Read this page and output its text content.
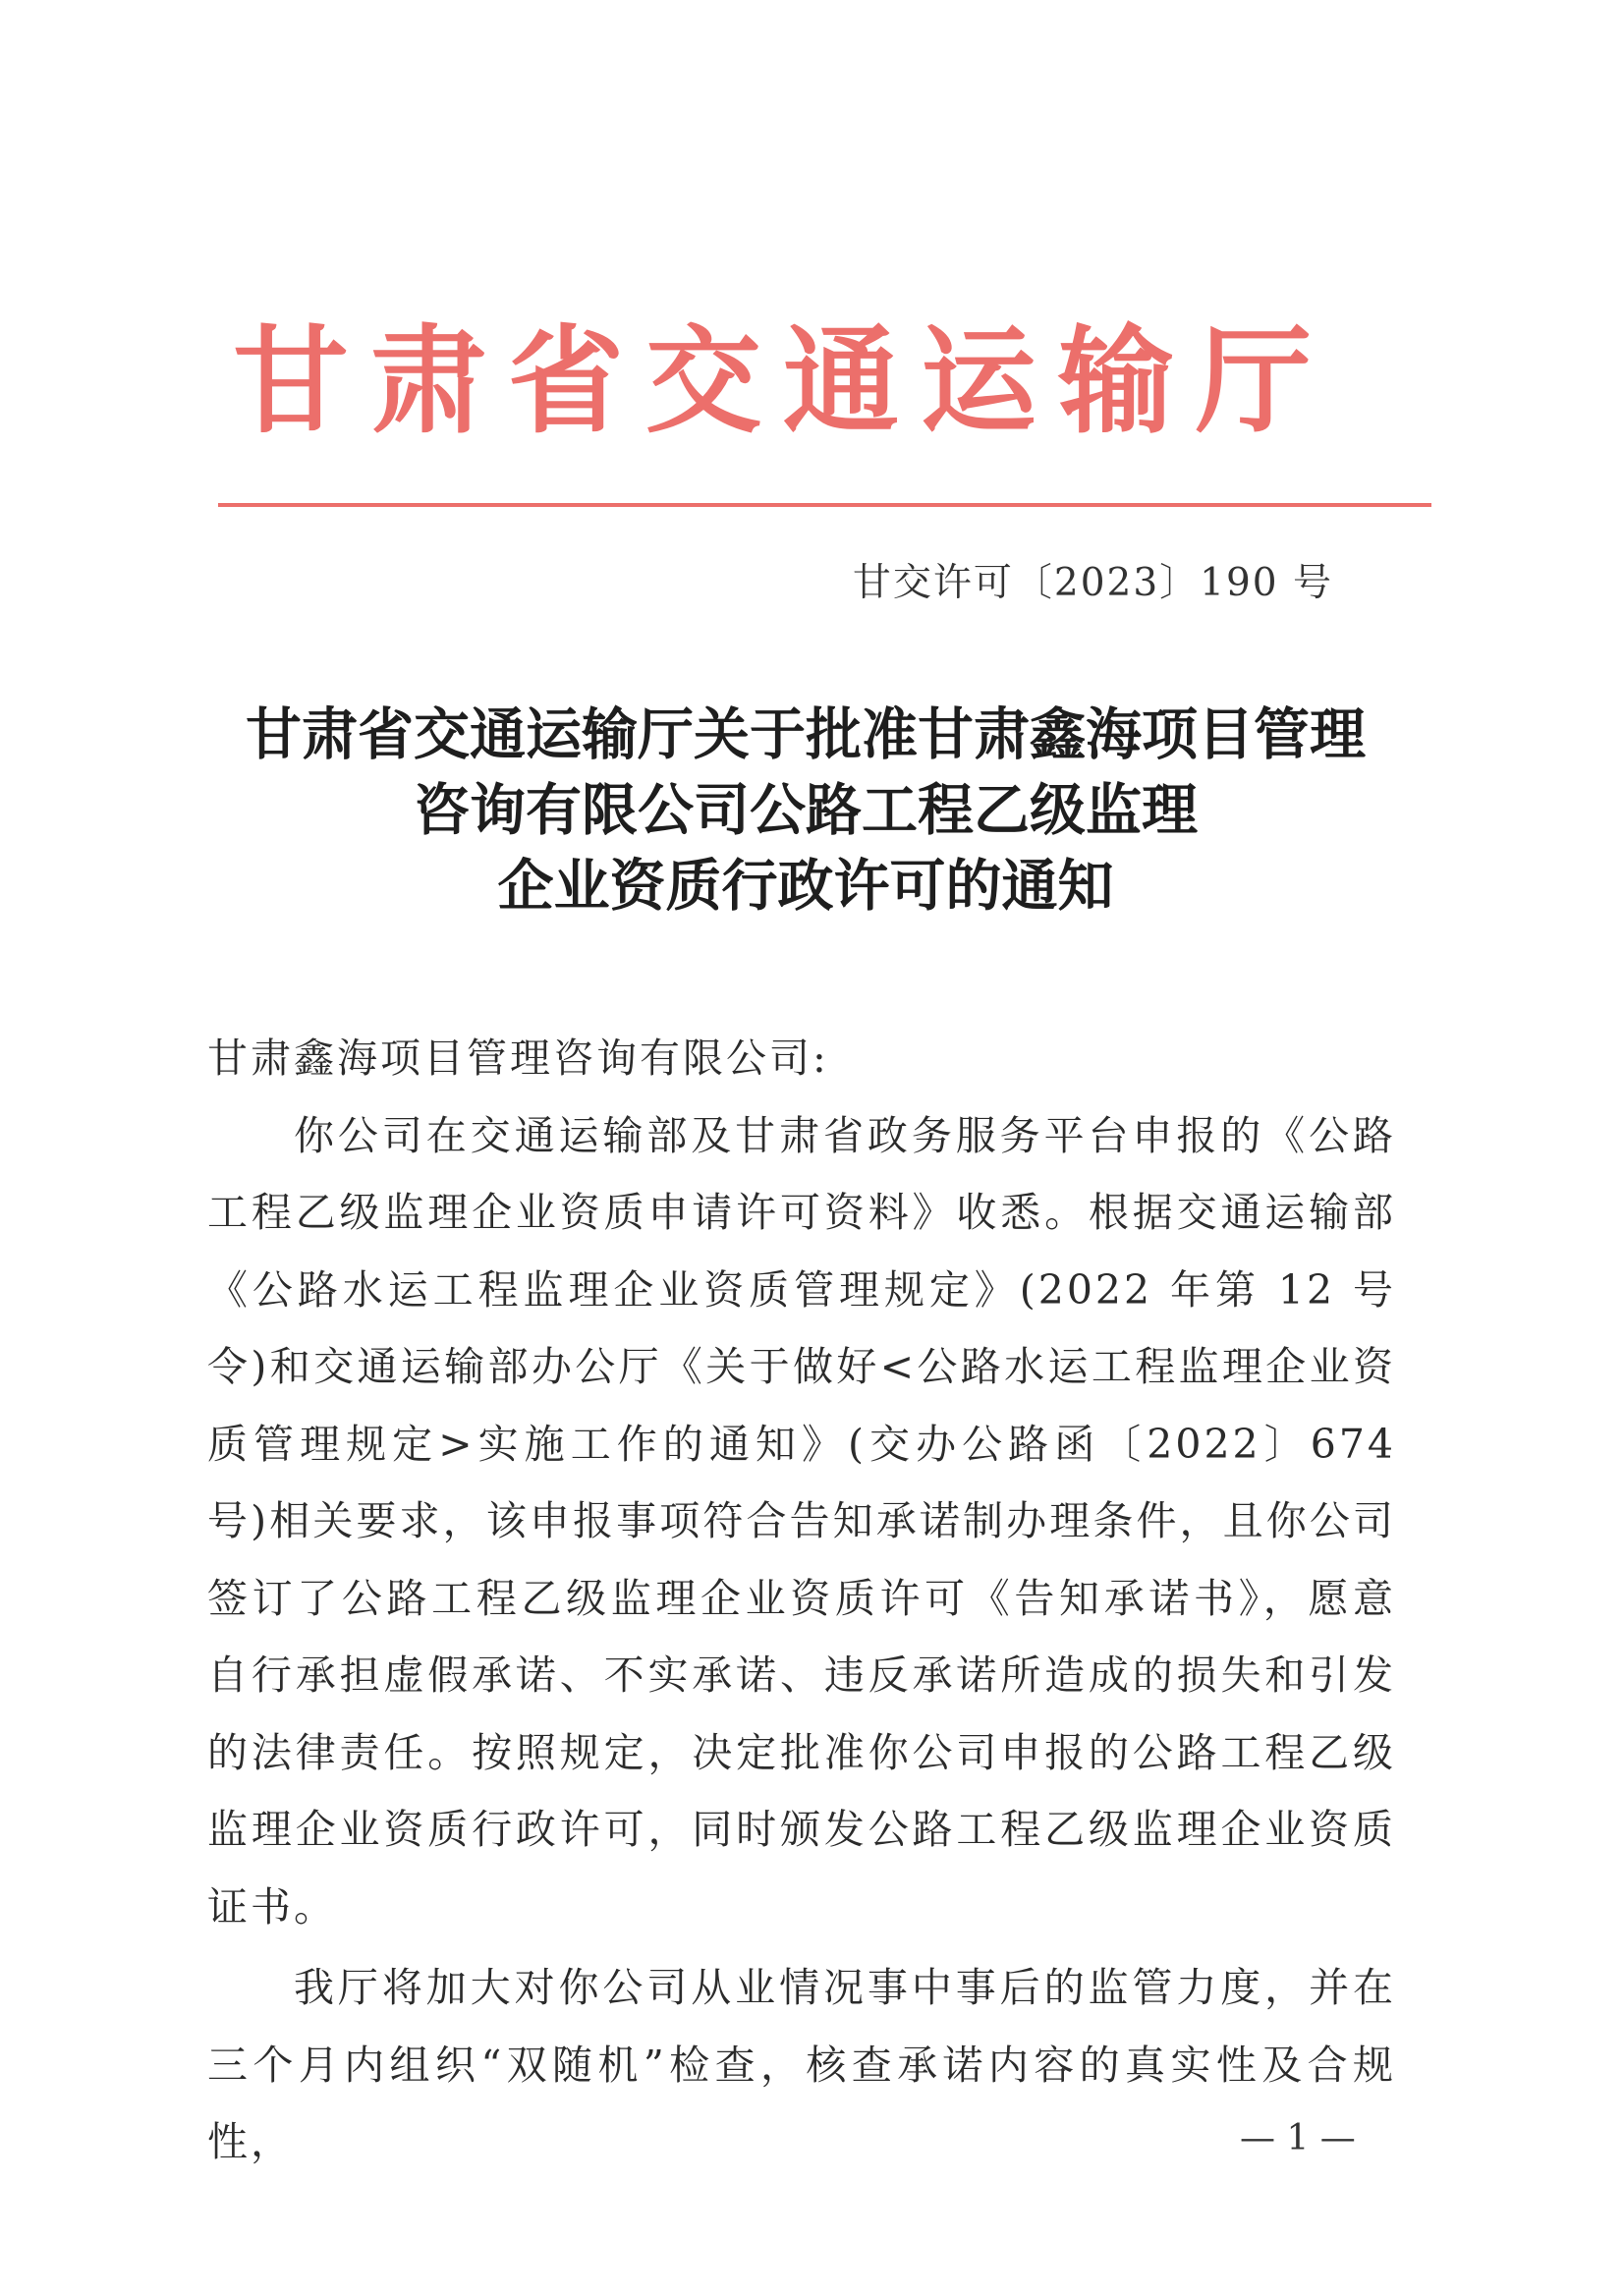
甘肃省交通运输厅
甘交许可〔2023〕190 号
甘肃省交通运输厅关于批准甘肃鑫海项目管理
咨询有限公司公路工程乙级监理
企业资质行政许可的通知

甘肃鑫海项目管理咨询有限公司:

你公司在交通运输部及甘肃省政务服务平台申报的《公路工程乙级监理企业资质申请许可资料》收悉。根据交通运输部《公路水运工程监理企业资质管理规定》(2022 年第 12 号令)和交通运输部办公厅《关于做好<公路水运工程监理企业资质管理规定>实施工作的通知》(交办公路函〔2022〕674 号)相关要求，该申报事项符合告知承诺制办理条件，且你公司签订了公路工程乙级监理企业资质许可《告知承诺书》，愿意自行承担虚假承诺、不实承诺、违反承诺所造成的损失和引发的法律责任。按照规定，决定批准你公司申报的公路工程乙级监理企业资质行政许可，同时颁发公路工程乙级监理企业资质证书。

我厅将加大对你公司从业情况事中事后的监管力度，并在三个月内组织“双随机”检查，核查承诺内容的真实性及合规性，	— 1 —
